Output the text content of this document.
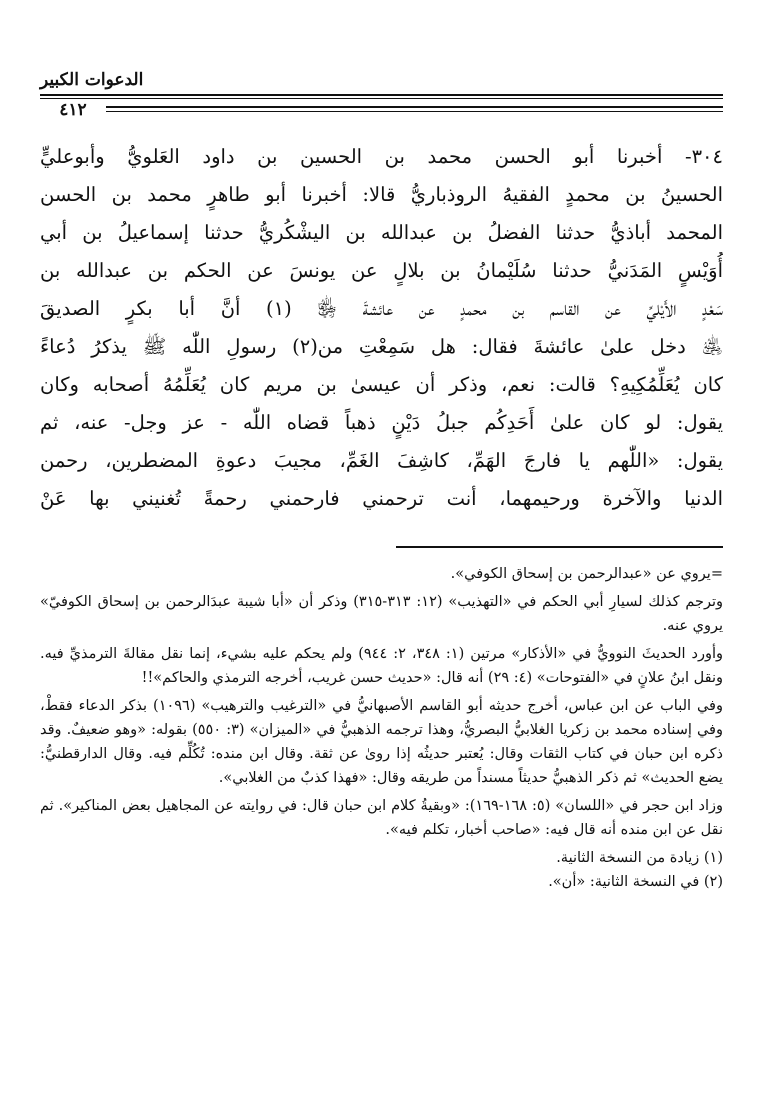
الدعوات الكبير
٤١٢
٣٠٤- أخبرنا أبو الحسن محمد بن الحسين بن داود العَلويُّ وأبوعليٍّ
الحسينُ بن محمدٍ الفقيهُ الروذباريُّ قالا: أخبرنا أبو طاهرٍ محمد بن الحسن
المحمد أباذيُّ حدثنا الفضلُ بن عبدالله بن اليشْكُريُّ حدثنا إسماعيلُ بن أبي
أُوَيْسٍ المَدَنيُّ حدثنا سُلَيْمانُ بن بلالٍ عن يونسَ عن الحكم بن عبدالله بن
سَعْدٍ الأَيْليِّ عن القاسم بن محمدٍ عن عائشةَ ﵂ (١) أنَّ أبا بكرٍ الصديقَ
﵁ دخل علىٰ عائشةَ فقال: هل سَمِعْتِ من(٢) رسولِ اللّٰه ﷺ يذكرُ دُعاءً
كان يُعَلِّمُكِيهِ؟ قالت: نعم، وذكر أن عيسىٰ بن مريم كان يُعَلِّمُهُ أصحابه وكان
يقول: لو كان علىٰ أَحَدِكُم جبلُ دَيْنٍ ذهباً قضاه اللّٰه - عز وجل- عنه، ثم
يقول: «اللّٰهم يا فارجَ الهَمِّ، كاشِفَ الغَمِّ، مجيبَ دعوةِ المضطرين، رحمن
الدنيا والآخرة ورحيمهما، أنت ترحمني فارحمني رحمةً تُغنيني بها عَنْ

=يروي عن «عبدالرحمن بن إسحاق الكوفي».

وترجم كذلك لسيارِ أبي الحكم في «التهذيب» (١٢: ٣١٣-٣١٥) وذكر أن «أبا شيبة عبدَالرحمن بن إسحاق الكوفيّ» يروي عنه.

وأورد الحديثَ النوويُّ في «الأذكار» مرتين (١: ٣٤٨، ٢: ٩٤٤) ولم يحكم عليه بشيء، إنما نقل مقالةَ الترمذيِّ فيه. ونقل ابنُ علانٍ في «الفتوحات» (٤: ٢٩) أنه قال: «حديث حسن غريب، أخرجه الترمذي والحاكم»!!

وفي الباب عن ابن عباس، أخرج حديثه أبو القاسم الأصبهانيُّ في «الترغيب والترهيب» (١٠٩٦) بذكر الدعاء فقطْ، وفي إسناده محمد بن زكريا الغلابيُّ البصريُّ، وهذا ترجمه الذهبيُّ في «الميزان» (٣: ٥٥٠) بقوله: «وهو ضعيفٌ. وقد ذكره ابن حبان في كتاب الثقات وقال: يُعتبر حديثُه إذا روىٰ عن ثقة. وقال ابن منده: تُكُلِّم فيه. وقال الدارقطنيُّ: يضع الحديث» ثم ذكر الذهبيُّ حديثاً مسنداً من طريقه وقال: «فهذا كذبٌ من الغلابي».

وزاد ابن حجر في «اللسان» (٥: ١٦٨-١٦٩): «وبقيةُ كلام ابن حبان قال: في روايته عن المجاهيل بعض المناكير». ثم نقل عن ابن منده أنه قال فيه: «صاحب أخبار، تكلم فيه».

(١) زيادة من النسخة الثانية.

(٢) في النسخة الثانية: «أن».
